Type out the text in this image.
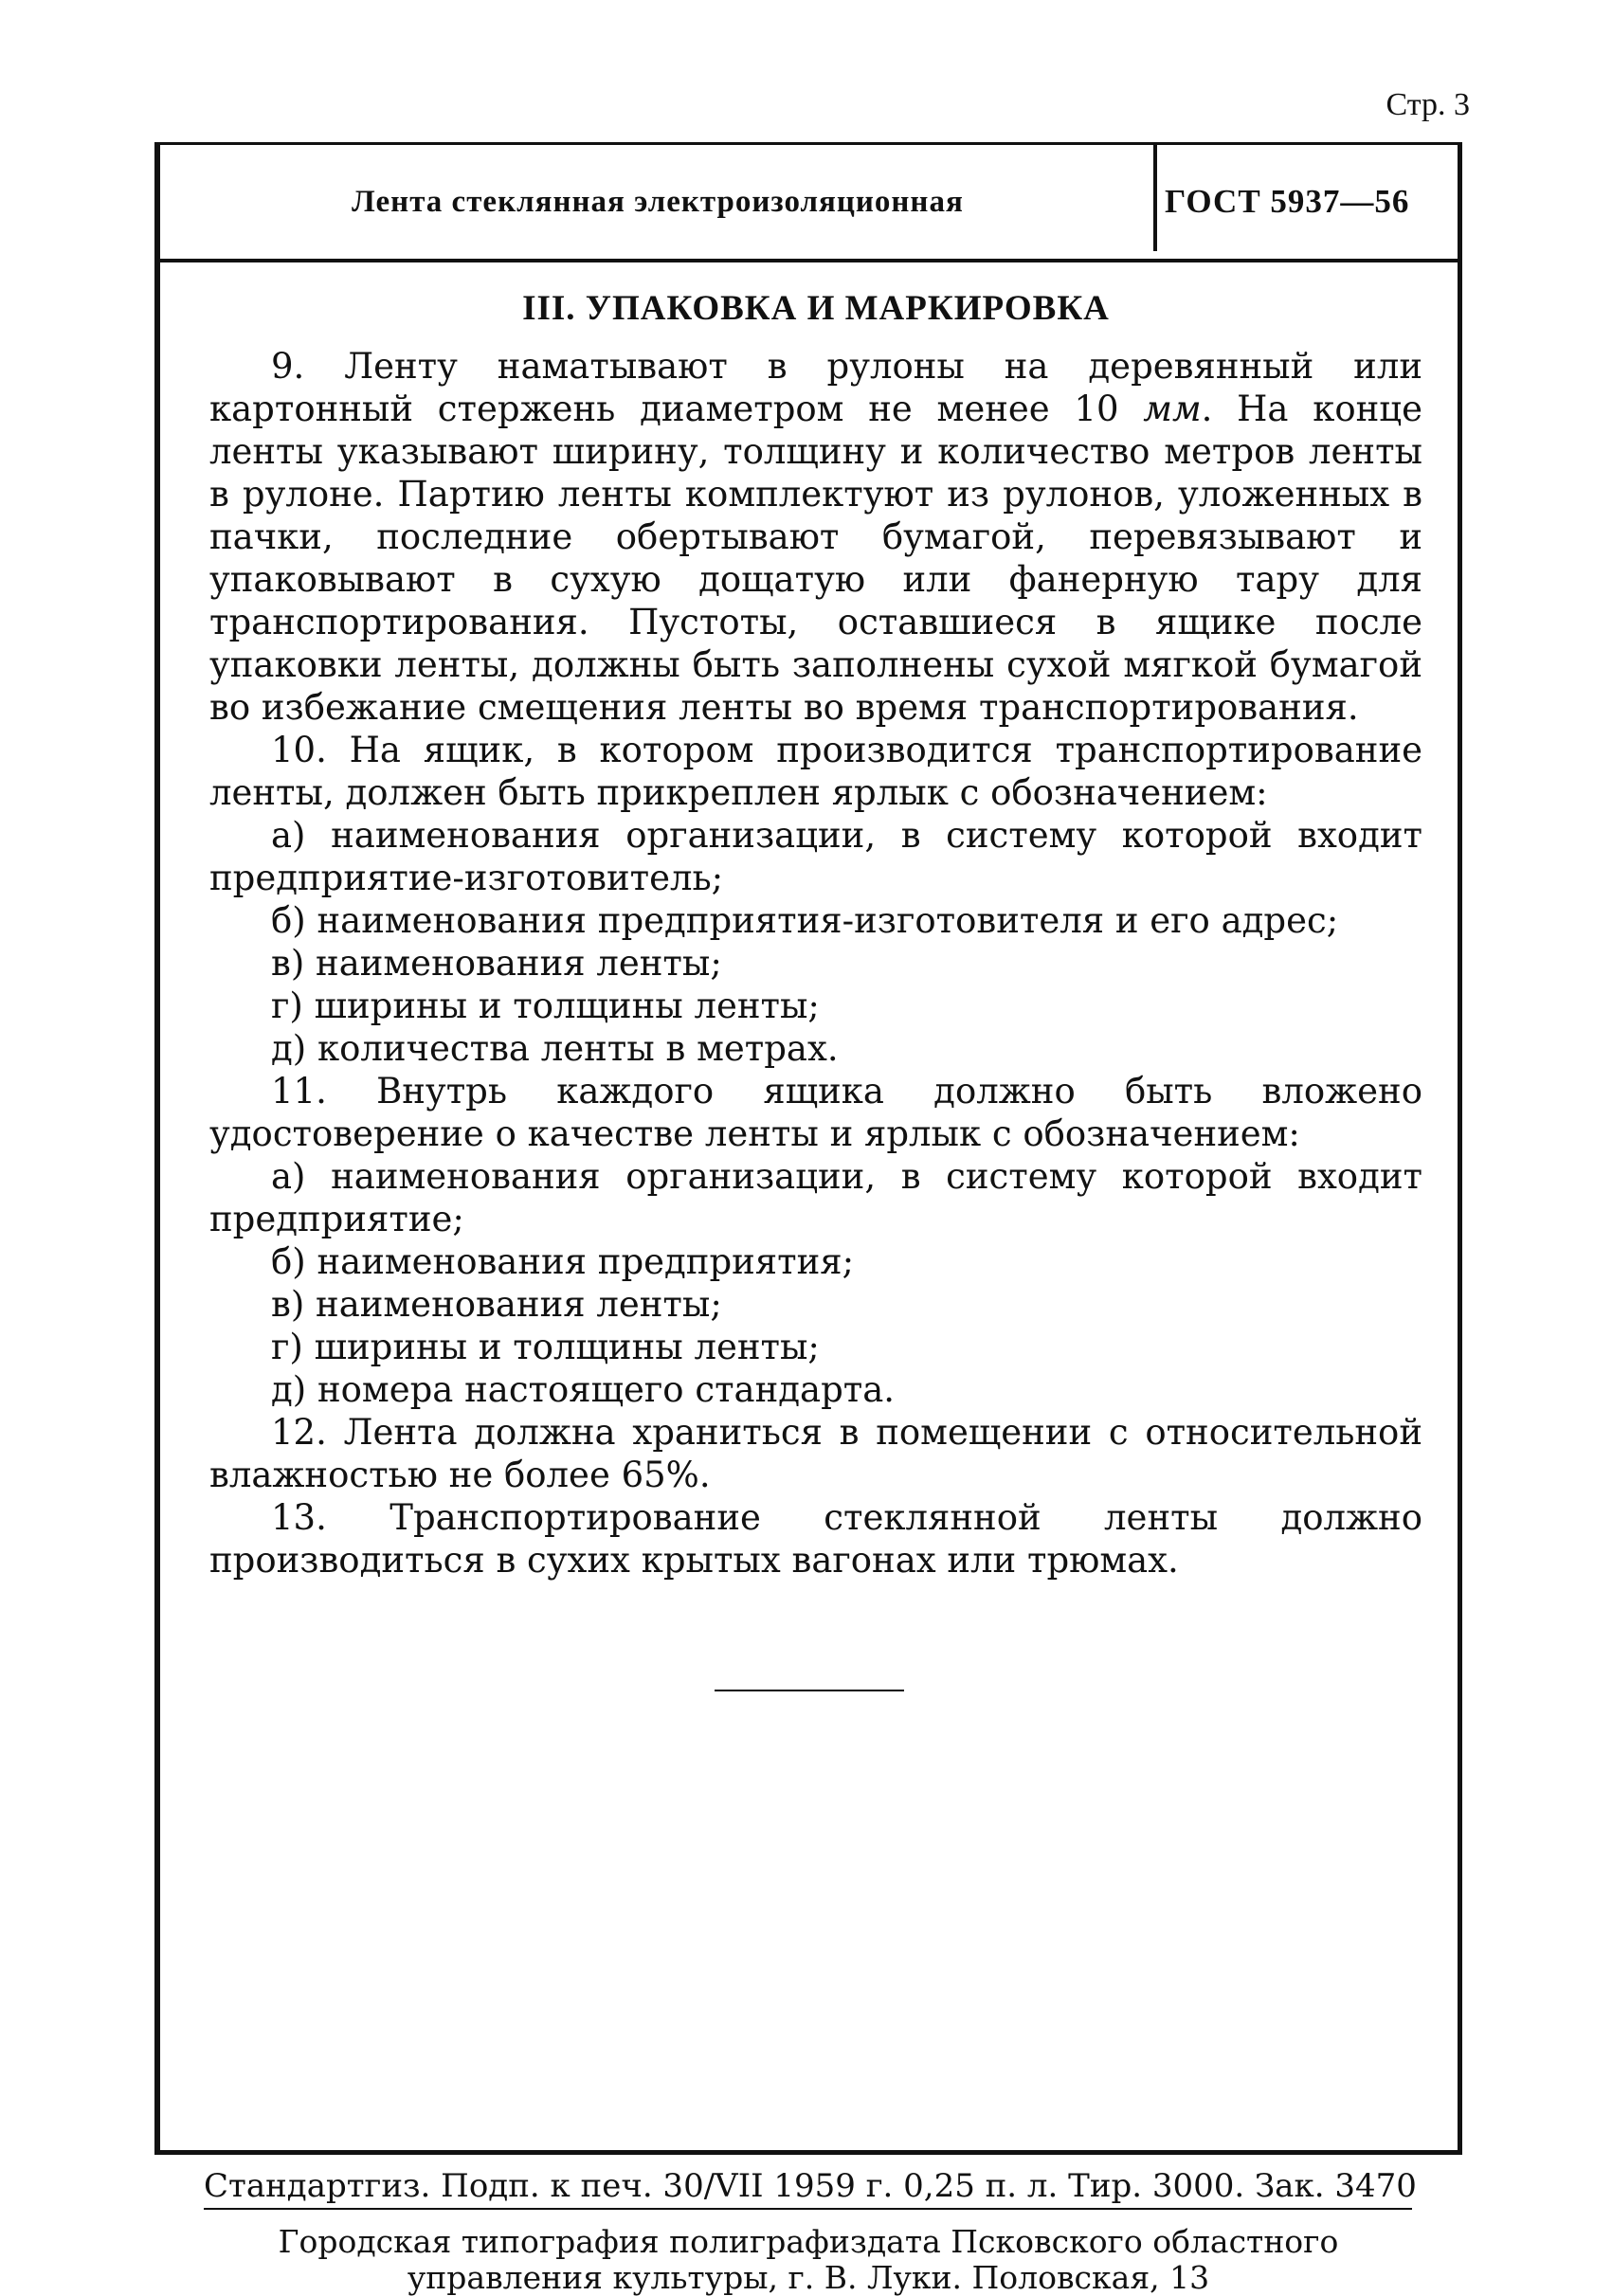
Стр. 3
Лента стеклянная электроизоляционная	ГОСТ 5937—56

III. УПАКОВКА И МАРКИРОВКА

9. Ленту наматывают в рулоны на деревянный или картонный стержень диаметром не менее 10 мм. На конце ленты указывают ширину, толщину и количество метров ленты в рулоне. Партию ленты комплектуют из рулонов, уложенных в пачки, последние обертывают бумагой, перевязывают и упаковывают в сухую дощатую или фанерную тару для транспортирования. Пустоты, оставшиеся в ящике после упаковки ленты, должны быть заполнены сухой мягкой бумагой во избежание смещения ленты во время транспортирования.

10. На ящик, в котором производится транспортирование ленты, должен быть прикреплен ярлык с обозначением:

а) наименования организации, в систему которой входит предприятие-изготовитель;

б) наименования предприятия-изготовителя и его адрес;

в) наименования ленты;

г) ширины и толщины ленты;

д) количества ленты в метрах.

11. Внутрь каждого ящика должно быть вложено удостоверение о качестве ленты и ярлык с обозначением:

а) наименования организации, в систему которой входит предприятие;

б) наименования предприятия;

в) наименования ленты;

г) ширины и толщины ленты;

д) номера настоящего стандарта.

12. Лента должна храниться в помещении с относительной влажностью не более 65%.

13. Транспортирование стеклянной ленты должно производиться в сухих крытых вагонах или трюмах.

Стандартгиз. Подп. к печ. 30/VII 1959 г. 0,25 п. л. Тир. 3000. Зак. 3470
Городская типография полиграфиздата Псковского областного
управления культуры, г. В. Луки. Половская, 13
